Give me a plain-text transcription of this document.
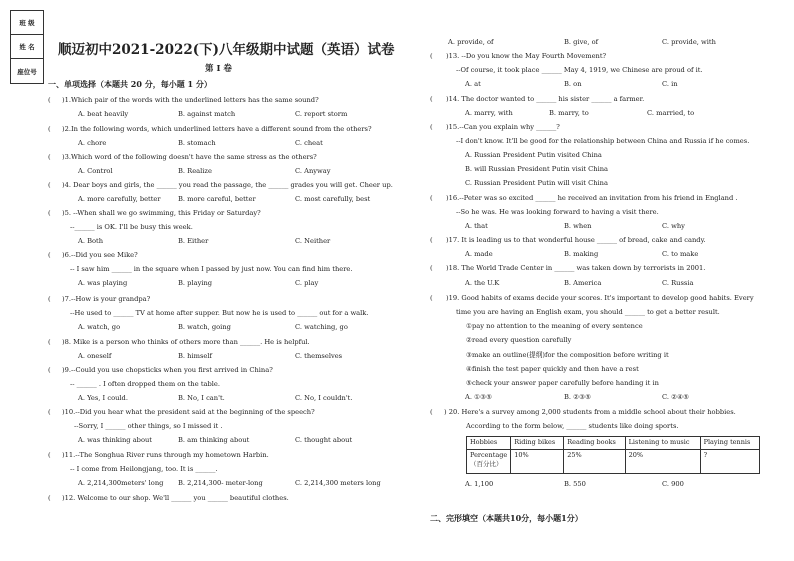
班 级
姓 名
座位号
顺迈初中2021-2022(下)八年级期中试题（英语）试卷
第 Ⅰ 卷
一、单项选择（本题共 20 分，每小题 1 分）
( )1.Which pair of the words with the underlined letters has the same sound?
A. beat heavily	B. against match	C. report storm
( )2.In the following words, which underlined letters have a different sound from the others?
A. chore	B. stomach	C. cheat
( )3.Which word of the following doesn't have the same stress as the others?
A. Control	B. Realize	C. Anyway
( )4. Dear boys and girls, the ______ you read the passage, the ______ grades you will get. Cheer up.
A. more carefully, better	B. more careful, better	C. most carefully, best
( )5. --When shall we go swimming, this Friday or Saturday?
--______ is OK. I'll be busy this week.
A. Both	B. Either	C. Neither
( )6.--Did you see Mike?
-- I saw him ______ in the square when I passed by just now. You can find him there.
A. was playing	B. playing	C. play
( )7.--How is your grandpa?
--He used to ______ TV at home after supper. But now he is used to ______ out for a walk.
A. watch, go	B. watch, going	C. watching, go
( )8. Mike is a person who thinks of others more than ______. He is helpful.
A. oneself	B. himself	C. themselves
( )9.--Could you use chopsticks when you first arrived in China?
-- ______ . I often dropped them on the table.
A. Yes, I could.	B. No, I can't.	C. No, I couldn't.
( )10.--Did you hear what the president said at the beginning of the speech?
--Sorry, I ______ other things, so I missed it .
A. was thinking about	B. am thinking about	C. thought about
( )11.--The Songhua River runs through my hometown Harbin.
-- I come from Heilongjang, too. It is ______.
A. 2,214,300meters' long B. 2,214,300- meter-long	C. 2,214,300 meters long
( )12. Welcome to our shop. We'll ______ you ______ beautiful clothes.
A. provide, of	B. give, of	C. provide, with
( )13. --Do you know the May Fourth Movement?
--Of course, it took place ______ May 4, 1919, we Chinese are proud of it.
A. at	B. on	C. in
( )14. The doctor wanted to ______ his sister ______ a farmer.
A. marry, with	B. marry, to	C. married, to
( )15.--Can you explain why ______?
--I don't know. It'll be good for the relationship between China and Russia if he comes.
A. Russian President Putin visited China
B. will Russian President Putin visit China
C. Russian President Putin will visit China
( )16.--Peter was so excited ______ he received an invitation from his friend in England .
--So he was. He was looking forward to having a visit there.
A. that	B. when	C. why
( )17. It is leading us to that wonderful house ______ of bread, cake and candy.
A. made	B. making	C. to make
( )18. The World Trade Center in ______ was taken down by terrorists in 2001.
A. the U.K	B. America	C. Russia
( )19. Good habits of exams decide your scores. It's important to develop good habits. Every
time you are having an English exam, you should ______ to get a better result.
①pay no attention to the meaning of every sentence
②read every question carefully
③make an outline(提纲)for the composition before writing it
④finish the test paper quickly and then have a rest
⑤check your answer paper carefully before handing it in
A. ①③⑤	B. ②③⑤	C. ②④⑤
( ) 20. Here's a survey among 2,000 students from a middle school about their hobbies.
According to the form below, ______ students like doing sports.
Hobbies	Riding bikes	Reading books	Listening to music	Playing tennis
Percentage（百分比）	10%	25%	20%	?
A. 1,100	B. 550	C. 900
二、完形填空（本题共10分，每小题1分）
